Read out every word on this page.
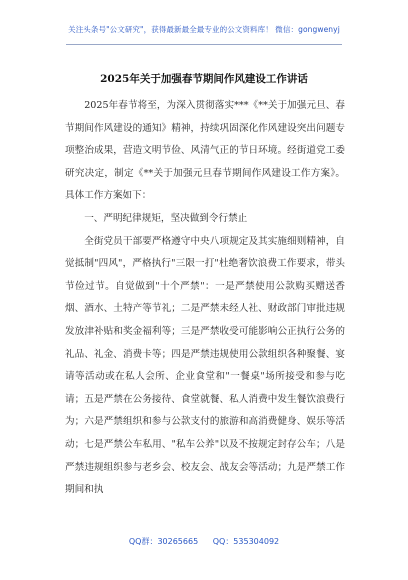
关注头条号"公文研究"，获得最新最全最专业的公文资料库！ 微信：gongwenyj
2025年关于加强春节期间作风建设工作讲话

2025年春节将至，为深入贯彻落实***《**关于加强元旦、春节期间作风建设的通知》精神，持续巩固深化作风建设突出问题专项整治成果，营造文明节俭、风清气正的节日环境。经街道党工委研究决定，制定《**关于加强元旦春节期间作风建设工作方案》。具体工作方案如下：

一、严明纪律规矩，坚决做到令行禁止

全街党员干部要严格遵守中央八项规定及其实施细则精神，自觉抵制"四风"，严格执行"三限一打"杜绝奢饮浪费工作要求，带头节俭过节。自觉做到"十个严禁"：一是严禁使用公款购买赠送香烟、酒水、土特产等节礼；二是严禁未经人社、财政部门审批违规发放津补贴和奖金福利等；三是严禁收受可能影响公正执行公务的礼品、礼金、消费卡等；四是严禁违规使用公款组织各种聚餐、宴请等活动或在私人会所、企业食堂和"一餐桌"场所接受和参与吃请；五是严禁在公务接待、食堂就餐、私人消费中发生餐饮浪费行为；六是严禁组织和参与公款支付的旅游和高消费健身、娱乐等活动；七是严禁公车私用、"私车公养"以及不按规定封存公车；八是严禁违规组织参与老乡会、校友会、战友会等活动；九是严禁工作期间和执

QQ群：30265665 QQ：535304092
